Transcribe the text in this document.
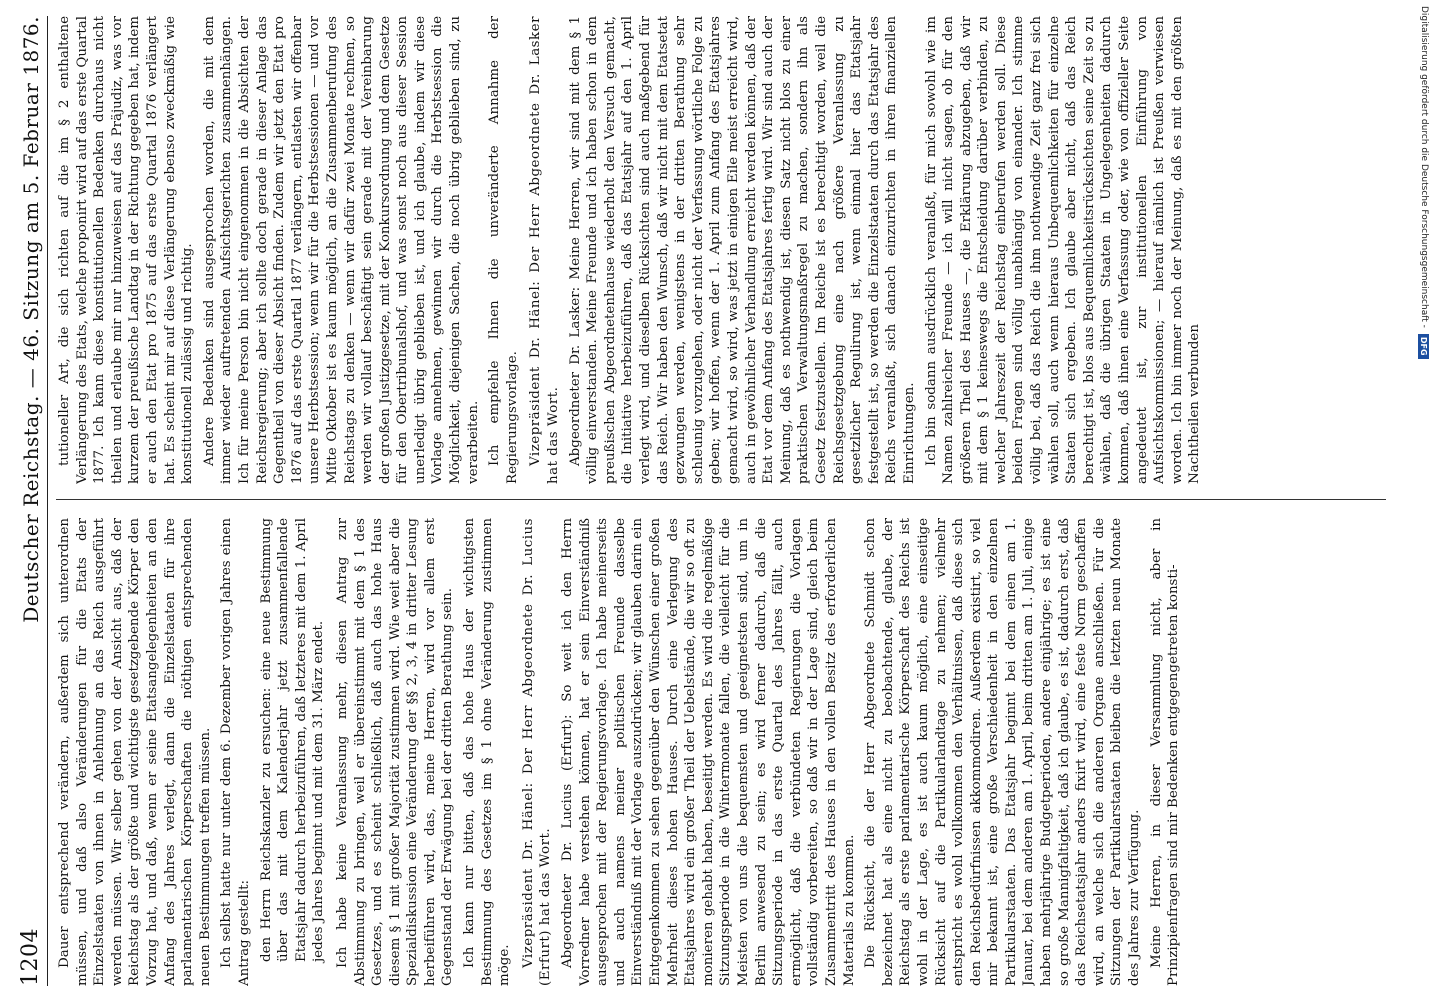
1204
Deutscher Reichstag. — 46. Sitzung am 5. Februar 1876.

Dauer entsprechend verändern, außerdem sich unterordnen müssen, und daß also Veränderungen für die Etats der Einzelstaaten von ihnen in Anlehnung an das Reich ausgeführt werden müssen. Wir selber gehen von der Ansicht aus, daß der Reichstag als der größte und wichtigste gesetzgebende Körper den Vorzug hat, und daß, wenn er seine Etatsangelegenheiten an den Anfang des Jahres verlegt, dann die Einzelstaaten für ihre parlamentarischen Körperschaften die nöthigen entsprechenden neuen Bestimmungen treffen müssen. Ich selbst hatte nur unter dem 6. Dezember vorigen Jahres einen Antrag gestellt: den Herrn Reichskanzler zu ersuchen: eine neue Bestimmung über das mit dem Kalenderjahr jetzt zusammenfallende Etatsjahr dadurch herbeizuführen, daß letzteres mit dem 1. April jedes Jahres beginnt und mit dem 31. März endet. Ich habe keine Veranlassung mehr, diesen Antrag zur Abstimmung zu bringen, weil er übereinstimmt mit dem § 1 des Gesetzes, und es scheint schließlich, daß auch das hohe Haus diesem § 1 mit großer Majorität zustimmen wird. Wie weit aber die Spezialdiskussion eine Veränderung der §§ 2, 3, 4 in dritter Lesung herbeiführen wird, das, meine Herren, wird vor allem erst Gegenstand der Erwägung bei der dritten Berathung sein. Ich kann nur bitten, daß das hohe Haus der wichtigsten Bestimmung des Gesetzes im § 1 ohne Veränderung zustimmen möge. Vizepräsident Dr. Hänel: Der Herr Abgeordnete Dr. Lucius (Erfurt) hat das Wort. Abgeordneter Dr. Lucius (Erfurt): So weit ich den Herrn Vorredner habe verstehen können, hat er sein Einverständniß ausgesprochen mit der Regierungsvorlage. Ich habe meinerseits und auch namens meiner politischen Freunde dasselbe Einverständniß mit der Vorlage auszudrücken; wir glauben darin ein Entgegenkommen zu sehen gegenüber den Wünschen einer großen Mehrheit dieses hohen Hauses. Durch eine Verlegung des Etatsjahres wird ein großer Theil der Uebelstände, die wir so oft zu monieren gehabt haben, beseitigt werden. Es wird die regelmäßige Sitzungsperiode in die Wintermonate fallen, die vielleicht für die Meisten von uns die bequemsten und geeignetsten sind, um in Berlin anwesend zu sein; es wird ferner dadurch, daß die Sitzungsperiode in das erste Quartal des Jahres fällt, auch ermöglicht, daß die verbündeten Regierungen die Vorlagen vollständig vorbereiten, so daß wir in der Lage sind, gleich beim Zusammentritt des Hauses in den vollen Besitz des erforderlichen Materials zu kommen. Die Rücksicht, die der Herr Abgeordnete Schmidt schon bezeichnet hat als eine nicht zu beobachtende, glaube, der Reichstag als erste parlamentarische Körperschaft des Reichs ist wohl in der Lage, es ist auch kaum möglich, eine einseitige Rücksicht auf die Partikularlandtage zu nehmen; vielmehr entspricht es wohl vollkommen den Verhältnissen, daß diese sich den Reichsbedürfnissen akkommodiren. Außerdem existirt, so viel mir bekannt ist, eine große Verschiedenheit in den einzelnen Partikularstaaten. Das Etatsjahr beginnt bei dem einen am 1. Januar, bei dem anderen am 1. April, beim dritten am 1. Juli, einige haben mehrjährige Budgetperioden, andere einjährige; es ist eine so große Mannigfaltigkeit, daß ich glaube, es ist, dadurch erst, daß das Reichsetatsjahr anders fixirt wird, eine feste Norm geschaffen wird, an welche sich die anderen Organe anschließen. Für die Sitzungen der Partikularstaaten bleiben die letzten neun Monate des Jahres zur Verfügung. Meine Herren, in dieser Versammlung nicht, aber in Prinzipienfragen sind mir Bedenken entgegengetreten konsti-

tutioneller Art, die sich richten auf die im § 2 enthaltene Verlängerung des Etats, welche proponirt wird auf das erste Quartal 1877. Ich kann diese konstitutionellen Bedenken durchaus nicht theilen und erlaube mir nur hinzuweisen auf das Präjudiz, was vor kurzem der preußische Landtag in der Richtung gegeben hat, indem er auch den Etat pro 1875 auf das erste Quartal 1876 verlängert hat. Es scheint mir auf diese Verlängerung ebenso zweckmäßig wie konstitutionell zulässig und richtig. Andere Bedenken sind ausgesprochen worden, die mit dem immer wieder auftretenden Aufsichtsgerichten zusammenhängen. Ich für meine Person bin nicht eingenommen in die Absichten der Reichsregierung; aber ich sollte doch gerade in dieser Anlage das Gegentheil von dieser Absicht finden. Zudem wir jetzt den Etat pro 1876 auf das erste Quartal 1877 verlängern, entlasten wir offenbar unsere Herbstsession; wenn wir für die Herbstsessionen — und vor Mitte Oktober ist es kaum möglich, an die Zusammenberufung des Reichstags zu denken — wenn wir dafür zwei Monate rechnen, so werden wir vollauf beschäftigt sein gerade mit der Vereinbarung der großen Justizgesetze, mit der Konkursordnung und dem Gesetze für den Obertribunalshof, und was sonst noch aus dieser Session unerledigt übrig geblieben ist, und ich glaube, indem wir diese Vorlage annehmen, gewinnen wir durch die Herbstsession die Möglichkeit, diejenigen Sachen, die noch übrig geblieben sind, zu verarbeiten. Ich empfehle Ihnen die unveränderte Annahme der Regierungsvorlage. Vizepräsident Dr. Hänel: Der Herr Abgeordnete Dr. Lasker hat das Wort. Abgeordneter Dr. Lasker: Meine Herren, wir sind mit dem § 1 völlig einverstanden. Meine Freunde und ich haben schon in dem preußischen Abgeordnetenhause wiederholt den Versuch gemacht, die Initiative herbeizuführen, daß das Etatsjahr auf den 1. April verlegt wird, und dieselben Rücksichten sind auch maßgebend für das Reich. Wir haben den Wunsch, daß wir nicht mit dem Etatsetat gezwungen werden, wenigstens in der dritten Berathung sehr schleunig vorzugehen, oder nicht der Verfassung wörtliche Folge zu geben; wir hoffen, wenn der 1. April zum Anfang des Etatsjahres gemacht wird, so wird, was jetzt in einigen Eile meist erreicht wird, auch in gewöhnlicher Verhandlung erreicht werden können, daß der Etat vor dem Anfang des Etatsjahres fertig wird. Wir sind auch der Meinung, daß es nothwendig ist, diesen Satz nicht blos zu einer praktischen Verwaltungsmaßregel zu machen, sondern ihn als Gesetz festzustellen. Im Reiche ist es berechtigt worden, weil die Reichsgesetzgebung eine nach größere Veranlassung zu gesetzlicher Regulirung ist, wenn einmal hier das Etatsjahr festgestellt ist, so werden die Einzelstaaten durch das Etatsjahr des Reichs veranlaßt, sich danach einzurichten in ihren finanziellen Einrichtungen. Ich bin sodann ausdrücklich veranlaßt, für mich sowohl wie im Namen zahlreicher Freunde — ich will nicht sagen, ob für den größeren Theil des Hauses —, die Erklärung abzugeben, daß wir mit dem § 1 keineswegs die Entscheidung darüber verbinden, zu welcher Jahreszeit der Reichstag einberufen werden soll. Diese beiden Fragen sind völlig unabhängig von einander. Ich stimme völlig bei, daß das Reich die ihm nothwendige Zeit ganz frei sich wählen soll, auch wenn hieraus Unbequemlichkeiten für einzelne Staaten sich ergeben. Ich glaube aber nicht, daß das Reich berechtigt ist, blos aus Bequemlichkeitsrücksichten seine Zeit so zu wählen, daß die übrigen Staaten in Ungelegenheiten dadurch kommen, daß ihnen eine Verfassung oder, wie von offizieller Seite angedeutet ist, zur institutionellen Einführung von Aufsichtskommissionen; — hierauf nämlich ist Preußen verwiesen worden. Ich bin immer noch der Meinung, daß es mit den größten Nachtheilen verbunden

Digitalisierung gefördert durch die Deutsche Forschungsgemeinschaft -
DFG
